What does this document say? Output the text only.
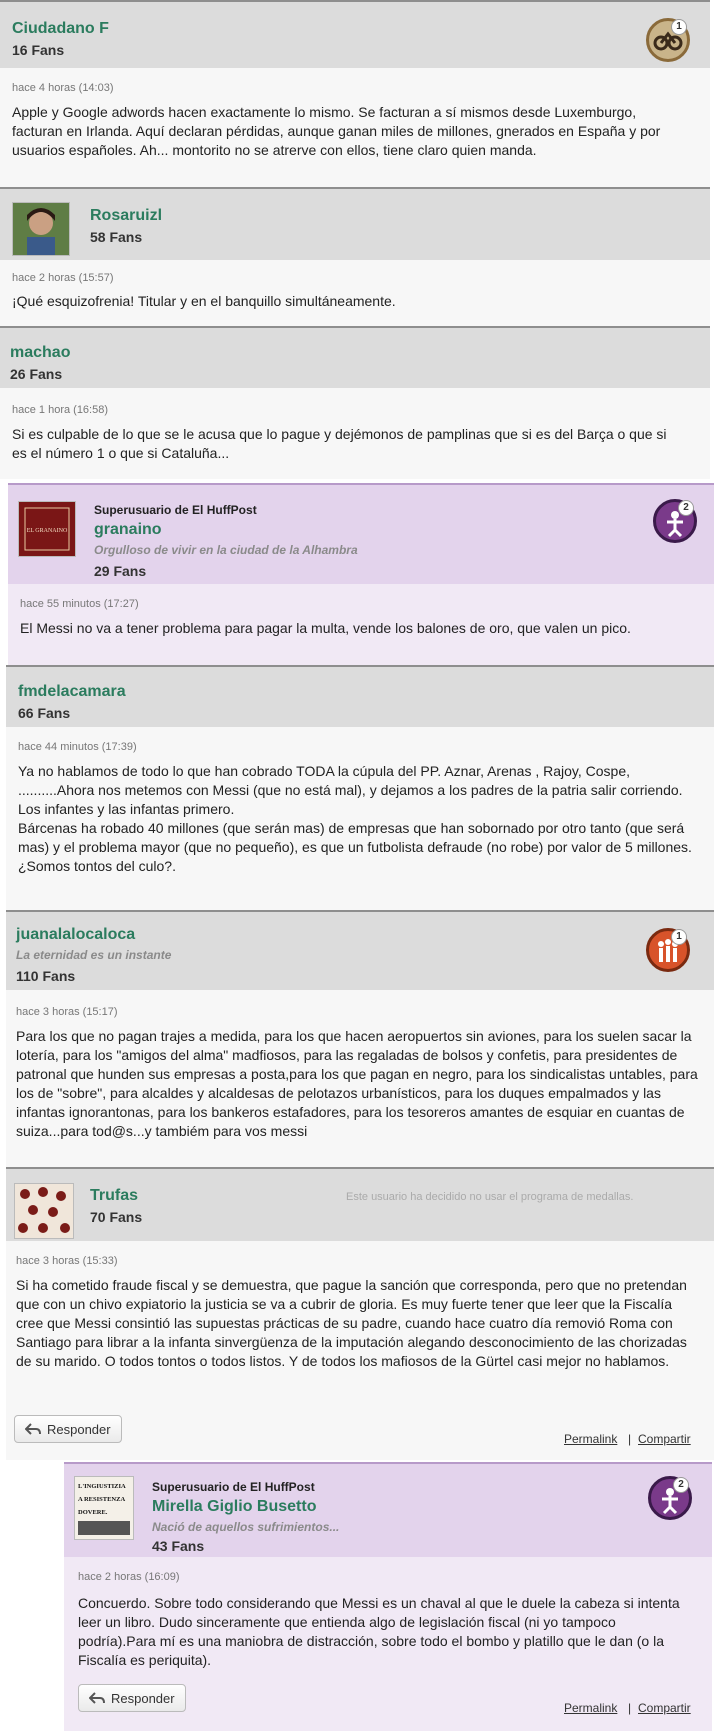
Ciudadano F
16 Fans
1
hace 4 horas (14:03)
Apple y Google adwords hacen exactamente lo mismo. Se facturan a sí mismos desde Luxemburgo, facturan en Irlanda. Aquí declaran pérdidas, aunque ganan miles de millones, gnerados en España y por usuarios españoles. Ah... montorito no se atrerve con ellos, tiene claro quien manda.
Rosaruizl
58 Fans
hace 2 horas (15:57)
¡Qué esquizofrenia! Titular y en el banquillo simultáneamente.
machao
26 Fans
hace 1 hora (16:58)
Si es culpable de lo que se le acusa que lo pague y dejémonos de pamplinas que si es del Barça o que si es el número 1 o que si Cataluña...
EL GRANAINO
Superusuario de El HuffPost
granaino
Orgulloso de vivir en la ciudad de la Alhambra
29 Fans
2
hace 55 minutos (17:27)
El Messi no va a tener problema para pagar la multa, vende los balones de oro, que valen un pico.
fmdelacamara
66 Fans
hace 44 minutos (17:39)
Ya no hablamos de todo lo que han cobrado TODA la cúpula del PP. Aznar, Arenas , Rajoy, Cospe, ..........Ahora nos metemos con Messi (que no está mal), y dejamos a los padres de la patria salir corriendo. Los infantes y las infantas primero.
Bárcenas ha robado 40 millones (que serán mas) de empresas que han sobornado por otro tanto (que será mas) y el problema mayor (que no pequeño), es que un futbolista defraude (no robe) por valor de 5 millones.
¿Somos tontos del culo?.
juanalalocaloca
La eternidad es un instante
110 Fans
1
hace 3 horas (15:17)
Para los que no pagan trajes a medida, para los que hacen aeropuertos sin aviones, para los suelen sacar la lotería, para los "amigos del alma" madfiosos, para las regaladas de bolsos y confetis, para presidentes de patronal que hunden sus empresas a posta,para los que pagan en negro, para los sindicalistas untables, para los de "sobre", para alcaldes y alcaldesas de pelotazos urbanísticos, para los duques empalmados y las infantas ignorantonas, para los bankeros estafadores, para los tesoreros amantes de esquiar en cuantas de suiza...para tod@s...y tambiém para vos messi
Trufas
70 Fans
Este usuario ha decidido no usar el programa de medallas.
hace 3 horas (15:33)
Si ha cometido fraude fiscal y se demuestra, que pague la sanción que corresponda, pero que no pretendan que con un chivo expiatorio la justicia se va a cubrir de gloria. Es muy fuerte tener que leer que la Fiscalía cree que Messi consintió las supuestas prácticas de su padre, cuando hace cuatro día removió Roma con Santiago para librar a la infanta sinvergüenza de la imputación alegando desconocimiento de las chorizadas de su marido. O todos tontos o todos listos. Y de todos los mafiosos de la Gürtel casi mejor no hablamos.
Responder
Permalink | Compartir
L'INGIUSTIZIA
A RESISTENZA
DOVERE.
Superusuario de El HuffPost
Mirella Giglio Busetto
Nació de aquellos sufrimientos...
43 Fans
2
hace 2 horas (16:09)
Concuerdo. Sobre todo considerando que Messi es un chaval al que le duele la cabeza si intenta leer un libro. Dudo sinceramente que entienda algo de legislación fiscal (ni yo tampoco podría).Para mí es una maniobra de distracción, sobre todo el bombo y platillo que le dan (o la Fiscalía es periquita).
Responder
Permalink | Compartir
